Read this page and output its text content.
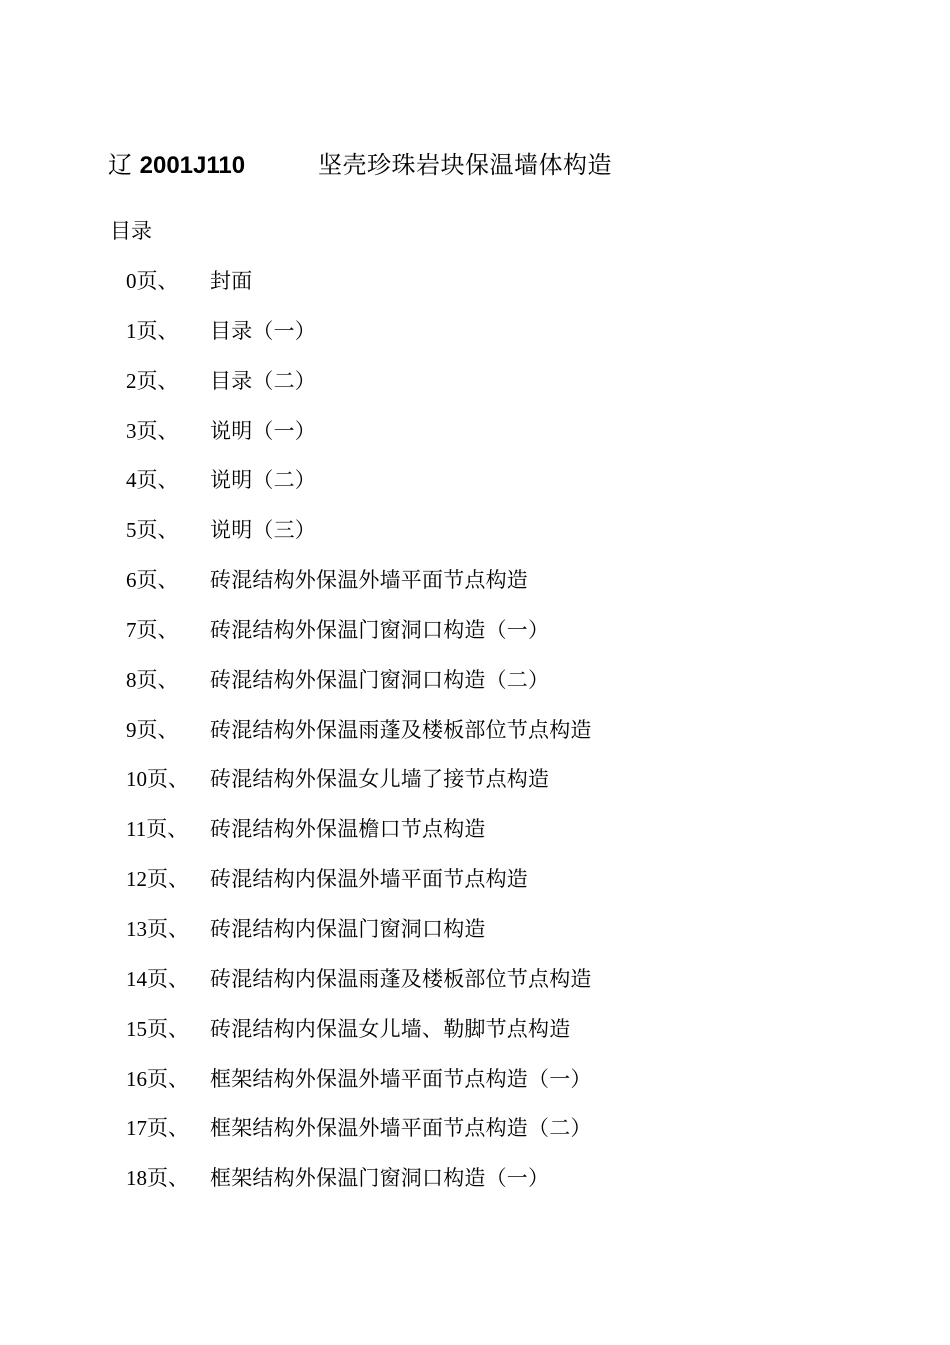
辽 2001J110	坚壳珍珠岩块保温墙体构造
目录
0页、	封面
1页、	目录（一）
2页、	目录（二）
3页、	说明（一）
4页、	说明（二）
5页、	说明（三）
6页、	砖混结构外保温外墙平面节点构造
7页、	砖混结构外保温门窗洞口构造（一）
8页、	砖混结构外保温门窗洞口构造（二）
9页、	砖混结构外保温雨蓬及楼板部位节点构造
10页、	砖混结构外保温女儿墙了接节点构造
11页、	砖混结构外保温檐口节点构造
12页、	砖混结构内保温外墙平面节点构造
13页、	砖混结构内保温门窗洞口构造
14页、	砖混结构内保温雨蓬及楼板部位节点构造
15页、	砖混结构内保温女儿墙、勒脚节点构造
16页、	框架结构外保温外墙平面节点构造（一）
17页、	框架结构外保温外墙平面节点构造（二）
18页、	框架结构外保温门窗洞口构造（一）
